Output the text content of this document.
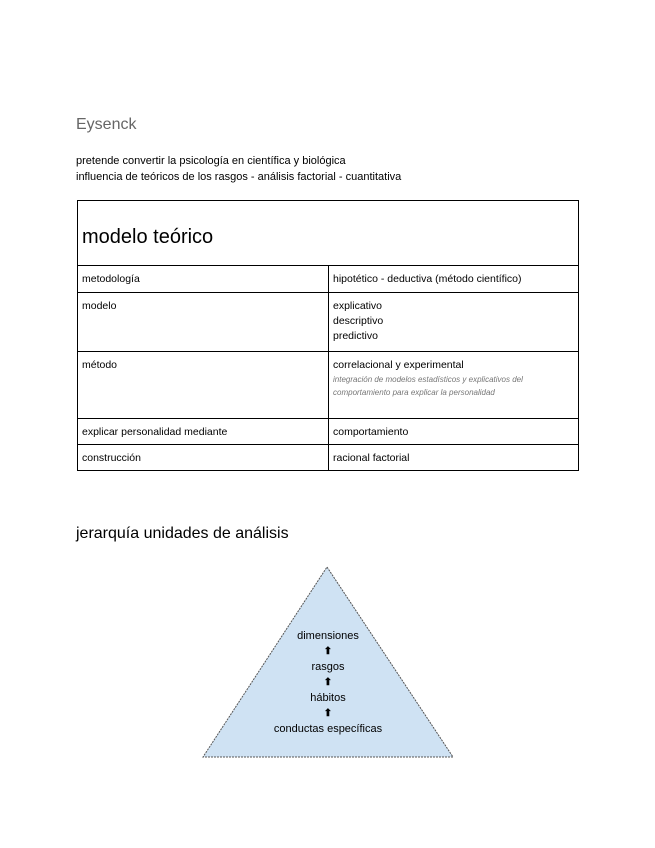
Eysenck

pretende convertir la psicología en científica y biológica

influencia de teóricos de los rasgos - análisis factorial - cuantitativa

modelo teórico	
metodología	hipotético - deductiva (método científico)
modelo	explicativo
descriptivo
predictivo

método	correlacional y experimental
integración de modelos estadísticos y explicativos del comportamiento para explicar la personalidad

explicar personalidad mediante	comportamiento
construcción	racional factorial
jerarquía unidades de análisis
dimensiones
⬆
rasgos
⬆
hábitos
⬆
conductas específicas
